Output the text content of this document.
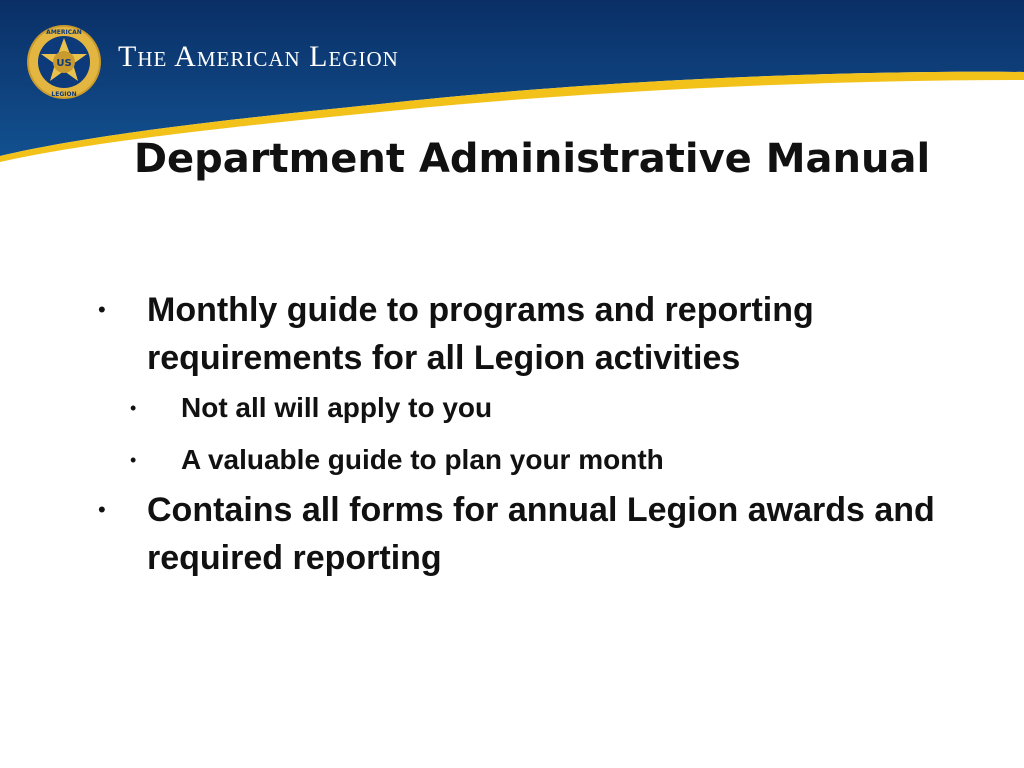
US
AMERICAN
LEGION
The American Legion
Department Administrative Manual
• Monthly guide to programs and reporting requirements for all Legion activities
• Not all will apply to you
• A valuable guide to plan your month
• Contains all forms for annual Legion awards and required reporting
